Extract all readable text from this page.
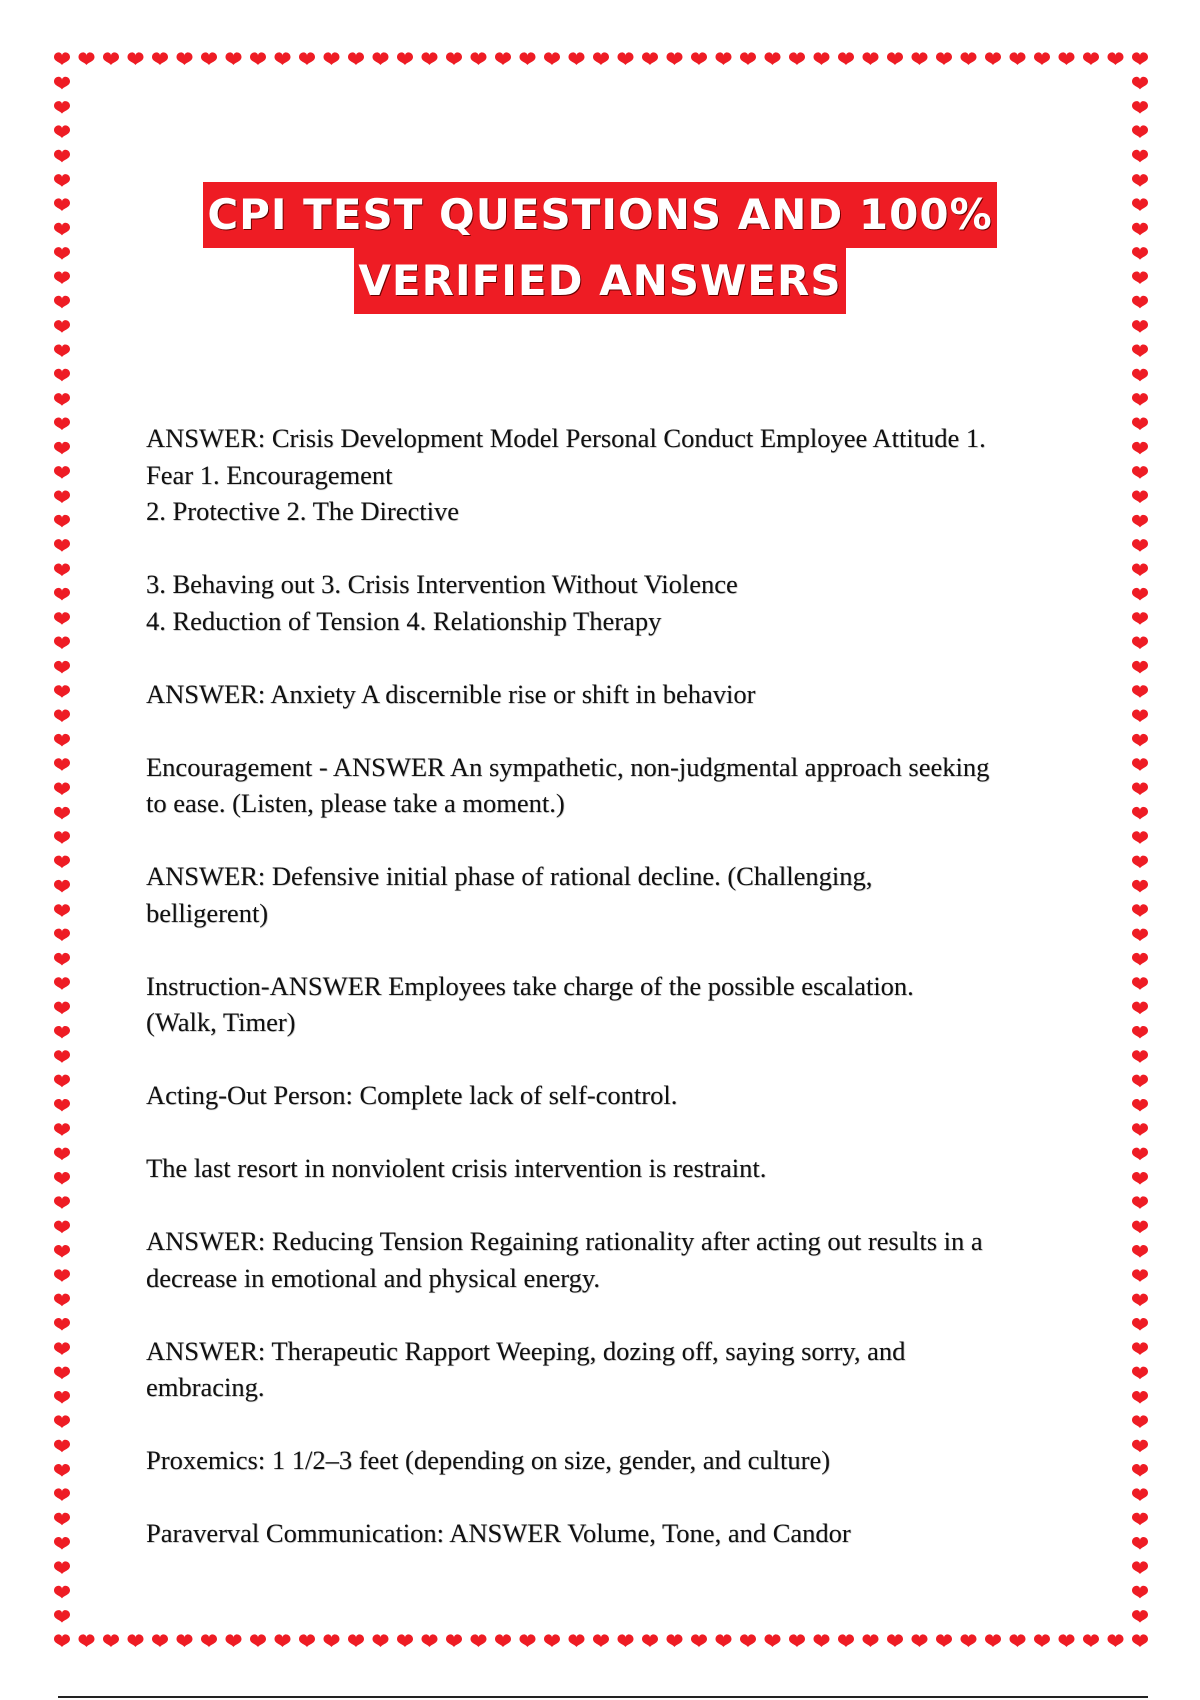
CPI TEST QUESTIONS AND 100%
VERIFIED ANSWERS
ANSWER: Crisis Development Model Personal Conduct Employee Attitude 1.
Fear 1. Encouragement
2. Protective 2. The Directive
3. Behaving out 3. Crisis Intervention Without Violence
4. Reduction of Tension 4. Relationship Therapy
ANSWER: Anxiety A discernible rise or shift in behavior
Encouragement - ANSWER An sympathetic, non-judgmental approach seeking
to ease. (Listen, please take a moment.)
ANSWER: Defensive initial phase of rational decline. (Challenging,
belligerent)
Instruction-ANSWER Employees take charge of the possible escalation.
(Walk, Timer)
Acting-Out Person: Complete lack of self-control.
The last resort in nonviolent crisis intervention is restraint.
ANSWER: Reducing Tension Regaining rationality after acting out results in a
decrease in emotional and physical energy.
ANSWER: Therapeutic Rapport Weeping, dozing off, saying sorry, and
embracing.
Proxemics: 1 1/2–3 feet (depending on size, gender, and culture)
Paraverval Communication: ANSWER Volume, Tone, and Candor
